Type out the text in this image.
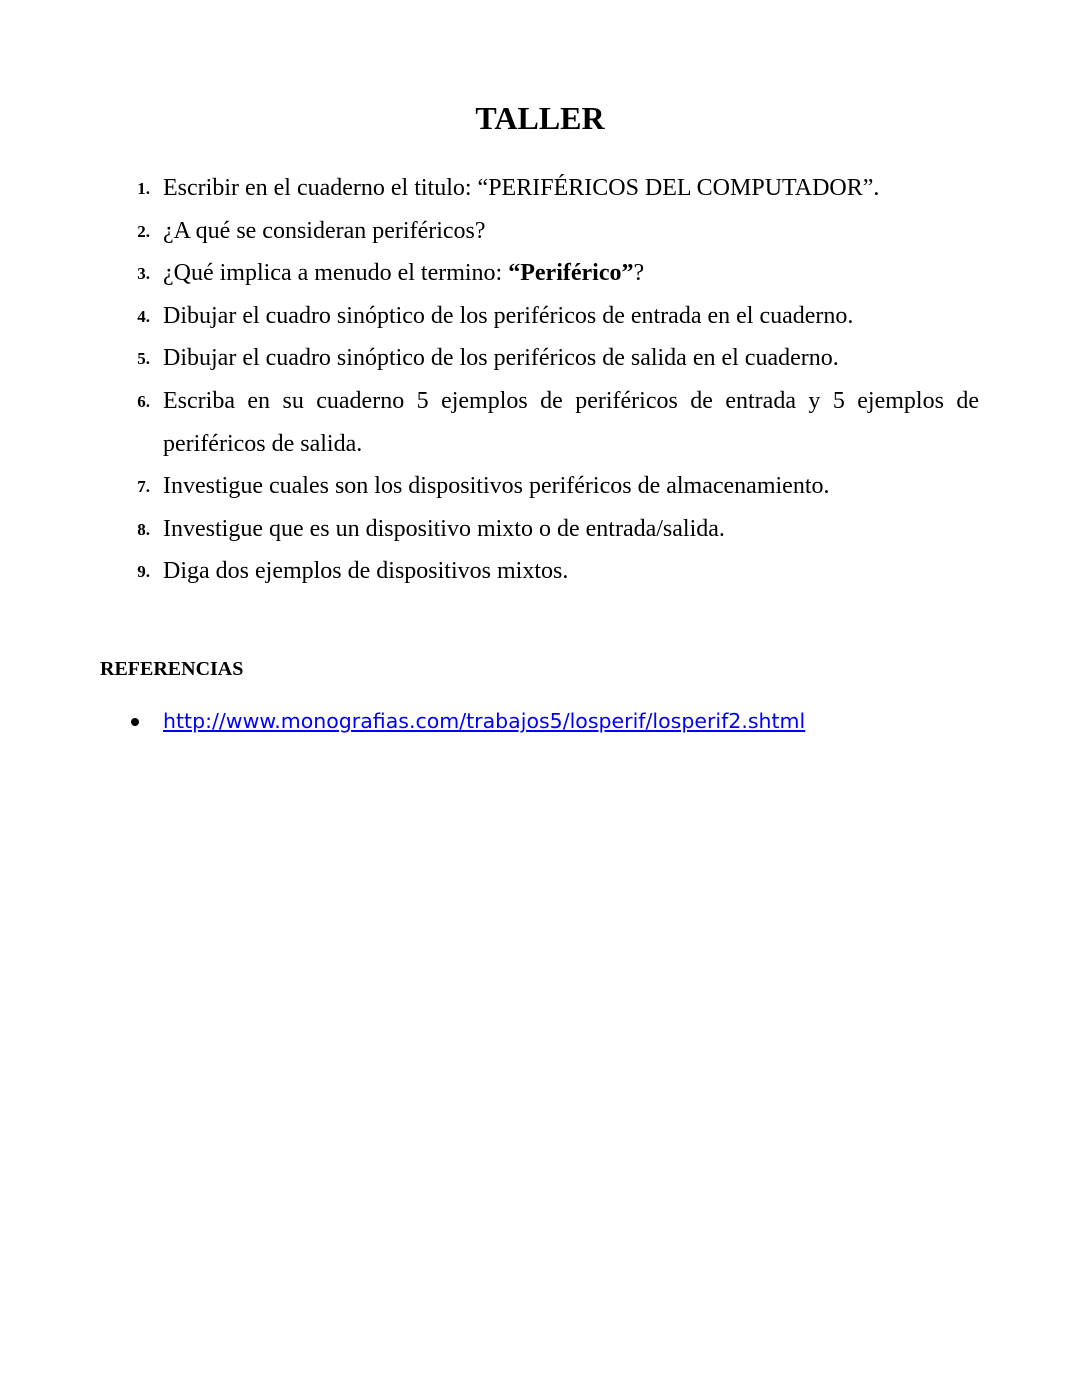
TALLER
1. Escribir en el cuaderno el titulo: “PERIFÉRICOS DEL COMPUTADOR”.
2. ¿A qué se consideran periféricos?
3. ¿Qué implica a menudo el termino: “Periférico”?
4. Dibujar el cuadro sinóptico de los periféricos de entrada en el cuaderno.
5. Dibujar el cuadro sinóptico de los periféricos de salida en el cuaderno.
6. Escriba en su cuaderno 5 ejemplos de periféricos de entrada y 5 ejemplos de periféricos de salida.
7. Investigue cuales son los dispositivos periféricos de almacenamiento.
8. Investigue que es un dispositivo mixto o de entrada/salida.
9. Diga dos ejemplos de dispositivos mixtos.
REFERENCIAS
http://www.monografias.com/trabajos5/losperif/losperif2.shtml
